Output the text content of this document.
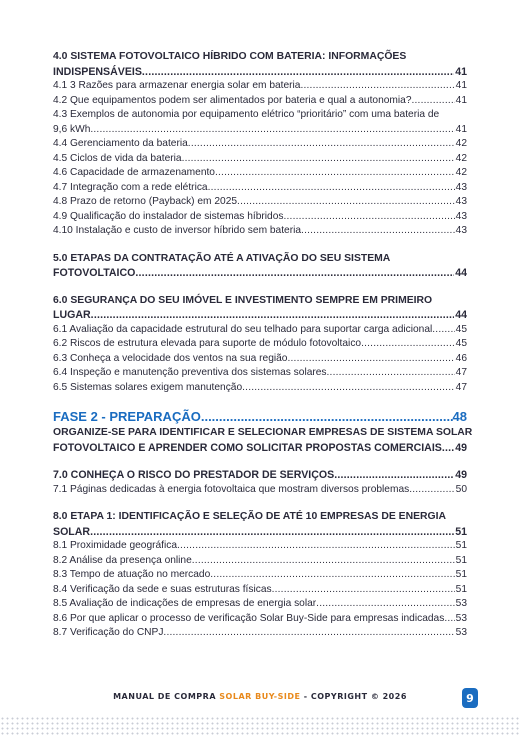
4.0 SISTEMA FOTOVOLTAICO HÍBRIDO COM BATERIA: INFORMAÇÕES
INDISPENSÁVEIS .....	41
4.1 3 Razões para armazenar energia solar em bateria .....	41
4.2 Que equipamentos podem ser alimentados por bateria e qual a autonomia? .....	41
4.3 Exemplos de autonomia por equipamento elétrico “prioritário” com uma bateria de
9,6 kWh .....	41
4.4 Gerenciamento da bateria .....	42
4.5 Ciclos de vida da bateria .....	42
4.6 Capacidade de armazenamento .....	42
4.7 Integração com a rede elétrica .....	43
4.8 Prazo de retorno (Payback) em 2025 .....	43
4.9 Qualificação do instalador de sistemas híbridos .....	43
4.10 Instalação e custo de inversor híbrido sem bateria .....	43
5.0 ETAPAS DA CONTRATAÇÃO ATÉ A ATIVAÇÃO DO SEU SISTEMA
FOTOVOLTAICO .....	44
6.0 SEGURANÇA DO SEU IMÓVEL E INVESTIMENTO SEMPRE EM PRIMEIRO
LUGAR .....	44
6.1 Avaliação da capacidade estrutural do seu telhado para suportar carga adicional ..... 45
6.2 Riscos de estrutura elevada para suporte de módulo fotovoltaico .....	45
6.3 Conheça a velocidade dos ventos na sua região .....	46
6.4 Inspeção e manutenção preventiva dos sistemas solares .....	47
6.5 Sistemas solares exigem manutenção .....	47
FASE 2 - PREPARAÇÃO .....	48
ORGANIZE-SE PARA IDENTIFICAR E SELECIONAR EMPRESAS DE SISTEMA SOLAR
FOTOVOLTAICO E APRENDER COMO SOLICITAR PROPOSTAS COMERCIAIS ..... 49
7.0 CONHEÇA O RISCO DO PRESTADOR DE SERVIÇOS .....	49
7.1 Páginas dedicadas à energia fotovoltaica que mostram diversos problemas .....	50
8.0 ETAPA 1: IDENTIFICAÇÃO E SELEÇÃO DE ATÉ 10 EMPRESAS DE ENERGIA
SOLAR .....	51
8.1 Proximidade geográfica .....	51
8.2 Análise da presença online .....	51
8.3 Tempo de atuação no mercado .....	51
8.4 Verificação da sede e suas estruturas físicas .....	51
8.5 Avaliação de indicações de empresas de energia solar .....	53
8.6 Por que aplicar o processo de verificação Solar Buy-Side para empresas indicadas ..... 53
8.7 Verificação do CNPJ .....	53
MANUAL DE COMPRA SOLAR BUY-SIDE - COPYRIGHT © 2026	9
